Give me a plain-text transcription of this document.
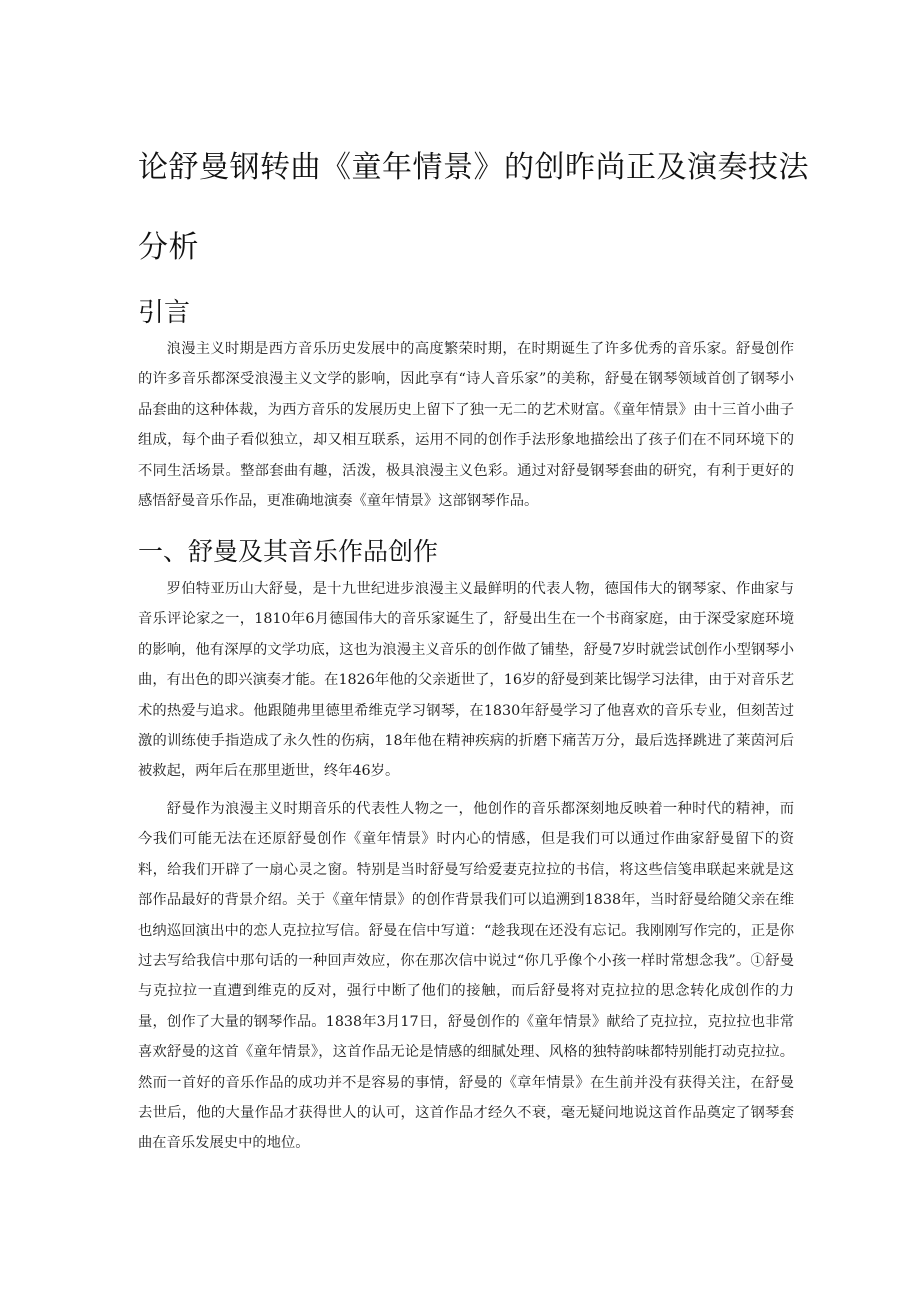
论舒曼钢转曲《童年情景》的创昨尚正及演奏技法
分析
引言

浪漫主义时期是西方音乐历史发展中的高度繁荣时期，在时期诞生了许多优秀的音乐家。舒曼创作的许多音乐都深受浪漫主义文学的影响，因此享有“诗人音乐家”的美称，舒曼在钢琴领域首创了钢琴小品套曲的这种体裁，为西方音乐的发展历史上留下了独一无二的艺术财富。《童年情景》由十三首小曲子组成，每个曲子看似独立，却又相互联系，运用不同的创作手法形象地描绘出了孩子们在不同环境下的不同生活场景。整部套曲有趣，活泼，极具浪漫主义色彩。通过对舒曼钢琴套曲的研究，有利于更好的感悟舒曼音乐作品，更准确地演奏《童年情景》这部钢琴作品。

一、舒曼及其音乐作品创作

罗伯特亚历山大舒曼，是十九世纪进步浪漫主义最鲜明的代表人物，德国伟大的钢琴家、作曲家与音乐评论家之一，1810年6月德国伟大的音乐家诞生了，舒曼出生在一个书商家庭，由于深受家庭环境的影响，他有深厚的文学功底，这也为浪漫主义音乐的创作做了铺垫，舒曼7岁时就尝试创作小型钢琴小曲，有出色的即兴演奏才能。在1826年他的父亲逝世了，16岁的舒曼到莱比锡学习法律，由于对音乐艺术的热爱与追求。他跟随弗里德里希维克学习钢琴，在1830年舒曼学习了他喜欢的音乐专业，但刻苦过激的训练使手指造成了永久性的伤病，18年他在精神疾病的折磨下痛苦万分，最后选择跳进了莱茵河后被救起，两年后在那里逝世，终年46岁。

舒曼作为浪漫主义时期音乐的代表性人物之一，他创作的音乐都深刻地反映着一种时代的精神，而今我们可能无法在还原舒曼创作《童年情景》时内心的情感，但是我们可以通过作曲家舒曼留下的资料，给我们开辟了一扇心灵之窗。特别是当时舒曼写给爱妻克拉拉的书信，将这些信笺串联起来就是这部作品最好的背景介绍。关于《童年情景》的创作背景我们可以追溯到1838年，当时舒曼给随父亲在维也纳巡回演出中的恋人克拉拉写信。舒曼在信中写道：“趁我现在还没有忘记。我刚刚写作完的，正是你过去写给我信中那句话的一种回声效应，你在那次信中说过“你几乎像个小孩一样时常想念我”。①舒曼与克拉拉一直遭到维克的反对，强行中断了他们的接触，而后舒曼将对克拉拉的思念转化成创作的力量，创作了大量的钢琴作品。1838年3月17日，舒曼创作的《童年情景》献给了克拉拉，克拉拉也非常喜欢舒曼的这首《童年情景》，这首作品无论是情感的细腻处理、风格的独特韵味都特别能打动克拉拉。然而一首好的音乐作品的成功并不是容易的事情，舒曼的《章年情景》在生前并没有获得关注，在舒曼去世后，他的大量作品才获得世人的认可，这首作品才经久不衰，毫无疑问地说这首作品奠定了钢琴套曲在音乐发展史中的地位。
